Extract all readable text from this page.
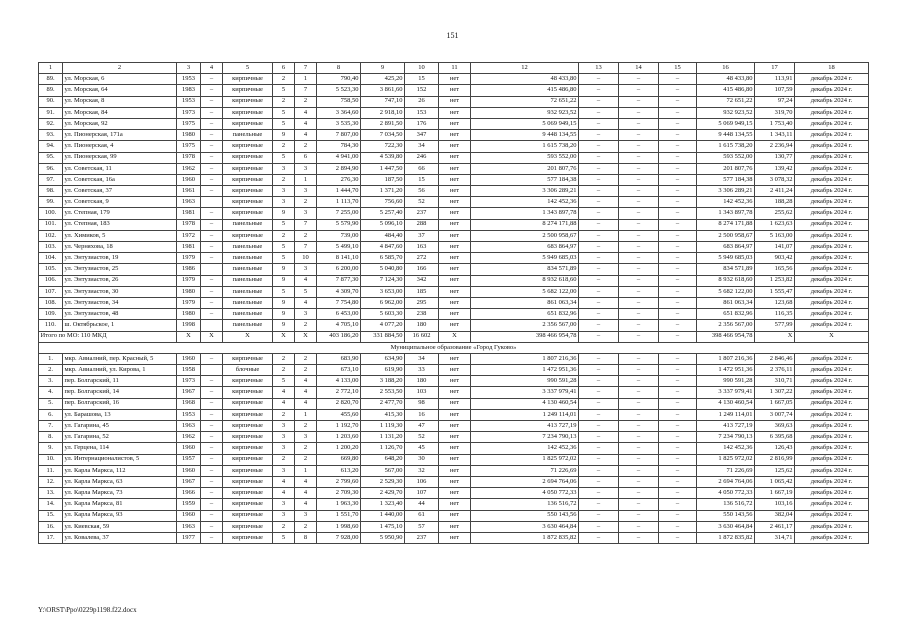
151
1	2	3	4	5	6	7	8	9	10	11	12	13	14	15	16	17	18
89.	ул. Морская, 6	1953	–	кирпичные	2	1	790,40	425,20	15	нет	48 433,80	–	–	–	48 433,80	113,91	декабрь 2024 г.
89.	ул. Морская, 64	1983	–	кирпичные	5	7	5 523,30	3 861,60	152	нет	415 486,80	–	–	–	415 486,80	107,59	декабрь 2024 г.
90.	ул. Морская, 8	1953	–	кирпичные	2	2	758,50	747,10	26	нет	72 651,22	–	–	–	72 651,22	97,24	декабрь 2024 г.
91.	ул. Морская, 84	1973	–	кирпичные	5	4	3 364,60	2 918,10	153	нет	932 923,52	–	–	–	932 923,52	319,70	декабрь 2024 г.
92.	ул. Морская, 92	1975	–	кирпичные	5	4	3 535,30	2 891,50	176	нет	5 069 949,15	–	–	–	5 069 949,15	1 753,40	декабрь 2024 г.
93.	ул. Пионерская, 171а	1980	–	панельные	9	4	7 807,00	7 034,50	347	нет	9 448 134,55	–	–	–	9 448 134,55	1 343,11	декабрь 2024 г.
94.	ул. Пионерская, 4	1975	–	кирпичные	2	2	784,30	722,30	34	нет	1 615 738,20	–	–	–	1 615 738,20	2 236,94	декабрь 2024 г.
95.	ул. Пионерская, 99	1978	–	кирпичные	5	6	4 941,00	4 539,80	246	нет	593 552,00	–	–	–	593 552,00	130,77	декабрь 2024 г.
96.	ул. Советская, 11	1962	–	кирпичные	3	3	2 894,90	1 447,50	66	нет	201 807,76	–	–	–	201 807,76	139,42	декабрь 2024 г.
97.	ул. Советская, 16а	1960	–	кирпичные	2	1	276,30	187,50	15	нет	577 184,38	–	–	–	577 184,38	3 078,32	декабрь 2024 г.
98.	ул. Советская, 37	1961	–	кирпичные	3	3	1 444,70	1 371,20	56	нет	3 306 289,21	–	–	–	3 306 289,21	2 411,24	декабрь 2024 г.
99.	ул. Советская, 9	1963		кирпичные	3	2	1 113,70	756,60	52	нет	142 452,36	–	–	–	142 452,36	188,28	декабрь 2024 г.
100.	ул. Степная, 179	1981	–	кирпичные	9	3	7 255,00	5 257,40	237	нет	1 343 897,78	–	–	–	1 343 897,78	255,62	декабрь 2024 г.
101.	ул. Степная, 183	1978	–	панельные	5	7	5 579,90	5 096,10	288	нет	8 274 171,88	–	–	–	8 274 171,88	1 623,63	декабрь 2024 г.
102.	ул. Химиков, 5	1972	–	кирпичные	2	2	739,00	484,40	37	нет	2 500 958,67	–	–	–	2 500 958,67	5 163,00	декабрь 2024 г.
103.	ул. Черняховa, 18	1981	–	панельные	5	7	5 499,10	4 847,60	163	нет	683 864,97	–	–	–	683 864,97	141,07	декабрь 2024 г.
104.	ул. Энтузиастов, 19	1979	–	панельные	5	10	8 141,10	6 585,70	272	нет	5 949 685,03	–	–	–	5 949 685,03	903,42	декабрь 2024 г.
105.	ул. Энтузиастов, 25	1986		панельные	9	3	6 200,00	5 040,80	166	нет	834 571,89	–	–	–	834 571,89	165,56	декабрь 2024 г.
106.	ул. Энтузиастов, 26	1979	–	панельные	9	4	7 877,30	7 124,30	342	нет	8 932 618,60	–	–	–	8 932 618,60	1 253,82	декабрь 2024 г.
107.	ул. Энтузиастов, 30	1980	–	панельные	5	5	4 309,70	3 653,00	185	нет	5 682 122,00	–	–	–	5 682 122,00	1 555,47	декабрь 2024 г.
108.	ул. Энтузиастов, 34	1979	–	панельные	9	4	7 754,80	6 962,00	295	нет	861 063,34	–	–	–	861 063,34	123,68	декабрь 2024 г.
109.	ул. Энтузиастов, 48	1980	–	панельные	9	3	6 453,00	5 603,30	238	нет	651 832,96	–	–	–	651 832,96	116,35	декабрь 2024 г.
110.	ш. Октябрьское, 1	1998		панельные	9	2	4 705,10	4 077,20	180	нет	2 356 567,00	–	–	–	2 356 567,00	577,99	декабрь 2024 г.
Итого по МО: 110 МКД		X	X	X	X	X	403 186,20	331 884,50	16 602	X	398 466 954,78	–	–	–	398 466 954,78	X	X
Муниципальное образование «Город Гуково»																	
1.	мкр. Авиалний, пер. Красный, 5	1960	–	кирпичные	2	2	683,90	634,90	34	нет	1 807 216,36	–	–	–	1 807 216,36	2 846,46	декабрь 2024 г.
2.	мкр. Авиалний, ул. Кирова, 1	1958		блочные	2	2	673,10	619,90	33	нет	1 472 951,36	–	–	–	1 472 951,36	2 376,11	декабрь 2024 г.
3.	пер. Болгарский, 11	1973	–	кирпичные	5	4	4 133,00	3 188,20	180	нет	990 591,28	–	–	–	990 591,28	310,71	декабрь 2024 г.
4.	пер. Болгарский, 14	1967	–	кирпичные	4	4	2 772,10	2 553,50	103	нет	3 337 979,41	–	–	–	3 337 979,41	1 307,22	декабрь 2024 г.
5.	пер. Болгарский, 16	1968	–	кирпичные	4	4	2 820,70	2 477,70	98	нет	4 130 460,54	–	–	–	4 130 460,54	1 667,05	декабрь 2024 г.
6.	ул. Барашова, 13	1953	–	кирпичные	2	1	455,60	415,30	16	нет	1 249 114,01	–	–	–	1 249 114,01	3 007,74	декабрь 2024 г.
7.	ул. Гагарина, 45	1963	–	кирпичные	3	2	1 192,70	1 119,30	47	нет	413 727,19	–	–	–	413 727,19	369,63	декабрь 2024 г.
8.	ул. Гагарина, 52	1962	–	кирпичные	3	3	1 203,60	1 131,20	52	нет	7 234 790,13	–	–	–	7 234 790,13	6 395,68	декабрь 2024 г.
9.	ул. Герцена, 114	1960	–	кирпичные	3	2	1 200,20	1 126,70	45	нет	142 452,36	–	–	–	142 452,36	126,43	декабрь 2024 г.
10.	ул. Интернационалистов, 5	1957	–	кирпичные	2	2	669,80	648,20	30	нет	1 825 972,02	–	–	–	1 825 972,02	2 816,99	декабрь 2024 г.
11.	ул. Карла Маркса, 112	1960	–	кирпичные	3	1	613,20	567,00	32	нет	71 226,69	–	–	–	71 226,69	125,62	декабрь 2024 г.
12.	ул. Карла Маркса, 63	1967	–	кирпичные	4	4	2 799,60	2 529,30	106	нет	2 694 764,06	–	–	–	2 694 764,06	1 065,42	декабрь 2024 г.
13.	ул. Карла Маркса, 73	1966	–	кирпичные	4	4	2 709,30	2 429,70	107	нет	4 050 772,33	–	–	–	4 050 772,33	1 667,19	декабрь 2024 г.
14.	ул. Карла Маркса, 81	1959	–	кирпичные	3	4	1 963,30	1 323,40	44	нет	136 516,72	–	–	–	136 516,72	103,16	декабрь 2024 г.
15.	ул. Карла Маркса, 93	1960	–	кирпичные	3	3	1 551,70	1 440,00	61	нет	550 143,56	–	–	–	550 143,56	382,04	декабрь 2024 г.
16.	ул. Киевская, 59	1963	–	кирпичные	2	2	1 998,60	1 475,10	57	нет	3 630 464,84	–	–	–	3 630 464,84	2 461,17	декабрь 2024 г.
17.	ул. Ковалева, 37	1977	–	кирпичные	5	8	7 928,00	5 950,90	237	нет	1 872 835,82	–	–	–	1 872 835,82	314,71	декабрь 2024 г.
Y:\ORST\Ppo\0229p1198.f22.docx
